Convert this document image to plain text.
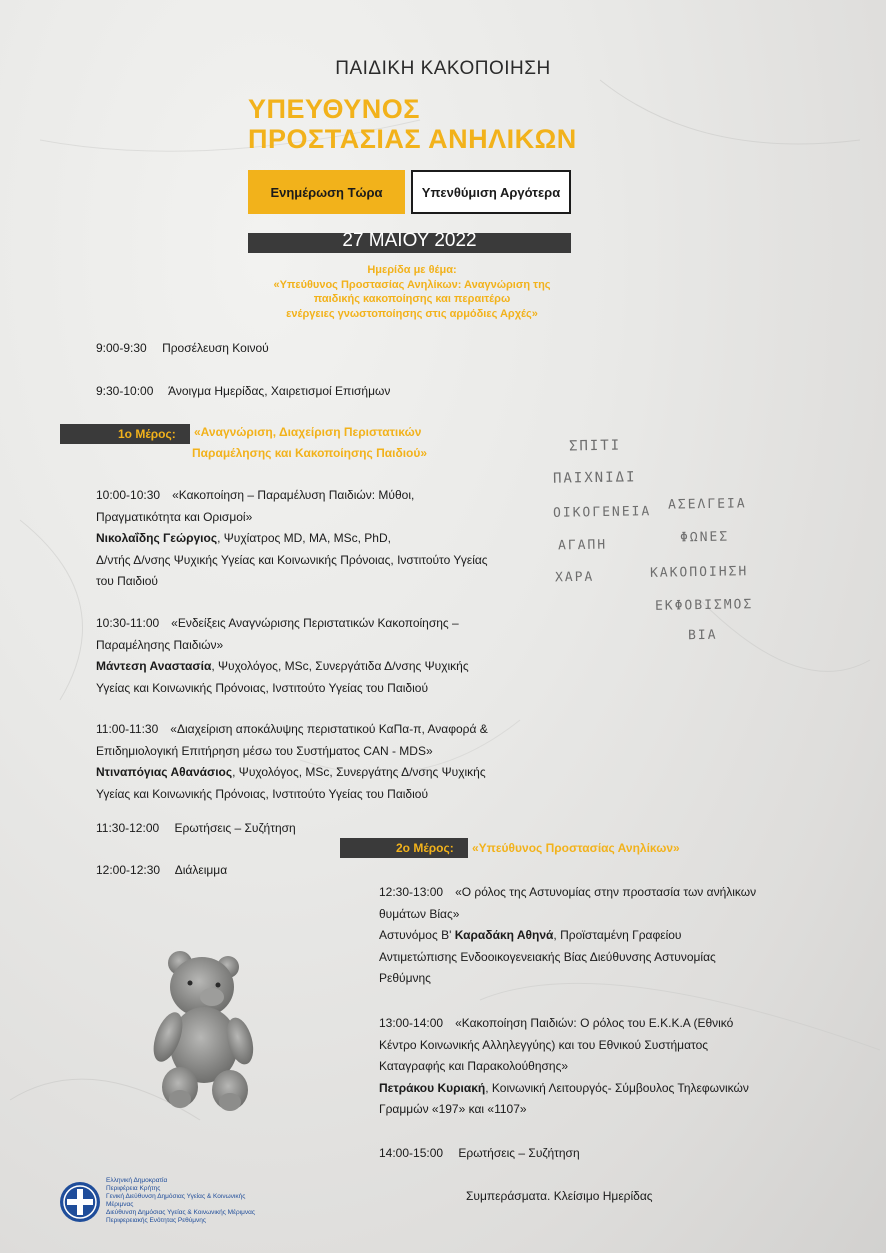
ΠΑΙΔΙΚΗ ΚΑΚΟΠΟΙΗΣΗ
ΥΠΕΥΘΥΝΟΣ
ΠΡΟΣΤΑΣΙΑΣ ΑΝΗΛΙΚΩΝ
Ενημέρωση Τώρα	Υπενθύμιση Αργότερα
27 ΜΑΙΟΥ 2022
Ημερίδα με θέμα:
«Υπεύθυνος Προστασίας Ανηλίκων: Αναγνώριση της
παιδικής κακοποίησης και περαιτέρω
ενέργειες γνωστοποίησης στις αρμόδιες Αρχές»
9:00-9:30 Προσέλευση Κοινού
9:30-10:00 Άνοιγμα Ημερίδας, Χαιρετισμοί Επισήμων
1ο Μέρος: «Αναγνώριση, Διαχείριση Περιστατικών
Παραμέλησης και Κακοποίησης Παιδιού»
10:00-10:30 «Κακοποίηση – Παραμέλυση Παιδιών: Μύθοι,
Πραγματικότητα και Ορισμοί»
Νικολαΐδης Γεώργιος, Ψυχίατρος MD, MA, MSc, PhD,
Δ/ντής Δ/νσης Ψυχικής Υγείας και Κοινωνικής Πρόνοιας, Ινστιτούτο Υγείας
του Παιδιού
10:30-11:00 «Ενδείξεις Αναγνώρισης Περιστατικών Κακοποίησης –
Παραμέλησης Παιδιών»
Μάντεση Αναστασία, Ψυχολόγος, MSc, Συνεργάτιδα Δ/νσης Ψυχικής
Υγείας και Κοινωνικής Πρόνοιας, Ινστιτούτο Υγείας του Παιδιού
11:00-11:30 «Διαχείριση αποκάλυψης περιστατικού ΚαΠα-π, Αναφορά &
Επιδημιολογική Επιτήρηση μέσω του Συστήματος CAN - MDS»
Ντιναπόγιας Αθανάσιος, Ψυχολόγος, MSc, Συνεργάτης Δ/νσης Ψυχικής
Υγείας και Κοινωνικής Πρόνοιας, Ινστιτούτο Υγείας του Παιδιού
11:30-12:00 Ερωτήσεις – Συζήτηση
12:00-12:30 Διάλειμμα
2ο Μέρος: «Υπεύθυνος Προστασίας Ανηλίκων»
12:30-13:00 «Ο ρόλος της Αστυνομίας στην προστασία των ανήλικων
θυμάτων Βίας»
Αστυνόμος Β' Καραδάκη Αθηνά, Προϊσταμένη Γραφείου
Αντιμετώπισης Ενδοοικογενειακής Βίας Διεύθυνσης Αστυνομίας
Ρεθύμνης
13:00-14:00 «Κακοποίηση Παιδιών: Ο ρόλος του Ε.Κ.Κ.Α (Εθνικό
Κέντρο Κοινωνικής Αλληλεγγύης) και του Εθνικού Συστήματος
Καταγραφής και Παρακολούθησης»
Πετράκου Κυριακή, Κοινωνική Λειτουργός- Σύμβουλος Τηλεφωνικών
Γραμμών «197» και «1107»
14:00-15:00 Ερωτήσεις – Συζήτηση
Συμπεράσματα. Κλείσιμο Ημερίδας
ΣΠΙΤΙ
ΠΑΙΧΝΙΔΙ
ΟΙΚΟΓΕΝΕΙΑ ΑΣΕΛΓΕΙΑ
ΑΓΑΠΗ
ΦΩΝΕΣ
ΧΑΡΑ	ΚΑΚΟΠΟΙΗΣΗ
ΕΚΦΟΒΙΣΜΟΣ
ΒΙΑ
Ελληνική Δημοκρατία
Περιφέρεια Κρήτης
Γενική Διεύθυνση Δημόσιας Υγείας & Κοινωνικής
Μέριμνας
Διεύθυνση Δημόσιας Υγείας & Κοινωνικής Μέριμνας
Περιφερειακής Ενότητας Ρεθύμνης
